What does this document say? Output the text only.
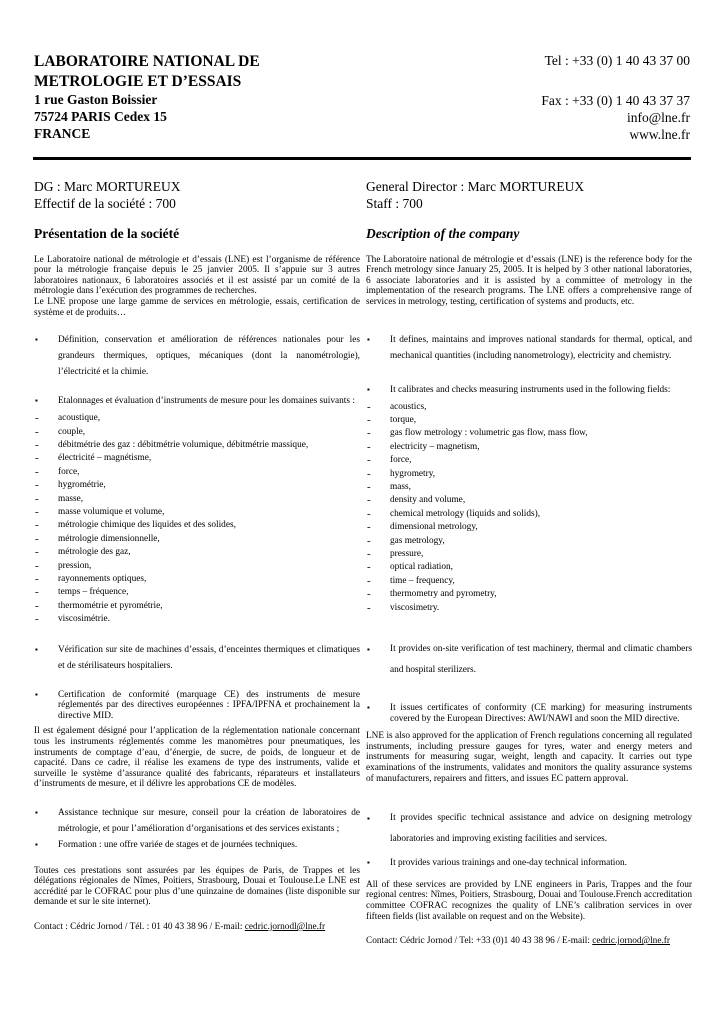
LABORATOIRE NATIONAL DE
METROLOGIE ET D’ESSAIS
1 rue Gaston Boissier
75724 PARIS Cedex 15
FRANCE
Tel : +33 (0) 1 40 43 37 00
Fax : +33 (0) 1 40 43 37 37
info@lne.fr
www.lne.fr
DG : Marc MORTUREUX
Effectif de la société : 700
Présentation de la société
Le Laboratoire national de métrologie et d’essais (LNE) est l’organisme de référence pour la métrologie française depuis le 25 janvier 2005. Il s’appuie sur 3 autres laboratoires nationaux, 6 laboratoires associés et il est assisté par un comité de la métrologie dans l’exécution des programmes de recherches.
Le LNE propose une large gamme de services en métrologie, essais, certification de système et de produits…
▪ Définition, conservation et amélioration de références nationales pour les grandeurs thermiques, optiques, mécaniques (dont la nanométrologie), l’électricité et la chimie.
▪ Etalonnages et évaluation d’instruments de mesure pour les domaines suivants :
- acoustique,
- couple,
- débitmétrie des gaz : débitmétrie volumique, débitmétrie massique,
- électricité – magnétisme,
- force,
- hygrométrie,
- masse,
- masse volumique et volume,
- métrologie chimique des liquides et des solides,
- métrologie dimensionnelle,
- métrologie des gaz,
- pression,
- rayonnements optiques,
- temps – fréquence,
- thermométrie et pyrométrie,
- viscosimétrie.
▪ Vérification sur site de machines d’essais, d’enceintes thermiques et climatiques et de stérilisateurs hospitaliers.
▪ Certification de conformité (marquage CE) des instruments de mesure réglementés par des directives européennes : IPFA/IPFNA et prochainement la directive MID.
Il est également désigné pour l’application de la réglementation nationale concernant tous les instruments réglementés comme les manomètres pour pneumatiques, les instruments de comptage d’eau, d’énergie, de sucre, de poids, de longueur et de capacité. Dans ce cadre, il réalise les examens de type des instruments, valide et surveille le système d’assurance qualité des fabricants, réparateurs et installateurs d’instruments de mesure, et il délivre les approbations CE de modèles.
▪ Assistance technique sur mesure, conseil pour la création de laboratoires de métrologie, et pour l’amélioration d’organisations et des services existants ;
▪ Formation : une offre variée de stages et de journées techniques.
Toutes ces prestations sont assurées par les équipes de Paris, de Trappes et les délégations régionales de Nîmes, Poitiers, Strasbourg, Douai et Toulouse.Le LNE est accrédité par le COFRAC pour plus d’une quinzaine de domaines (liste disponible sur demande et sur le site internet).
Contact : Cédric Jornod / Tél. : 01 40 43 38 96 / E-mail: cedric.jornodl@lne.fr
General Director : Marc MORTUREUX
Staff : 700
Description of the company
The Laboratoire national de métrologie et d’essais (LNE) is the reference body for the French metrology since January 25, 2005. It is helped by 3 other national laboratories, 6 associate laboratories and it is assisted by a committee of metrology in the implementation of the research programs. The LNE offers a comprehensive range of services in metrology, testing, certification of systems and products, etc.
▪ It defines, maintains and improves national standards for thermal, optical, and mechanical quantities (including nanometrology), electricity and chemistry.
▪ It calibrates and checks measuring instruments used in the following fields:
- acoustics,
- torque,
- gas flow metrology : volumetric gas flow, mass flow,
- electricity – magnetism,
- force,
- hygrometry,
- mass,
- density and volume,
- chemical metrology (liquids and solids),
- dimensional metrology,
- gas metrology,
- pressure,
- optical radiation,
- time – frequency,
- thermometry and pyrometry,
- viscosimetry.
▪ It provides on-site verification of test machinery, thermal and climatic chambers and hospital sterilizers.
▪ It issues certificates of conformity (CE marking) for measuring instruments covered by the European Directives: AWI/NAWI and soon the MID directive.
LNE is also approved for the application of French regulations concerning all regulated instruments, including pressure gauges for tyres, water and energy meters and instruments for measuring sugar, weight, length and capacity. It carries out type examinations of the instruments, validates and monitors the quality assurance systems of manufacturers, repairers and fitters, and issues EC pattern approval.
▪ It provides specific technical assistance and advice on designing metrology laboratories and improving existing facilities and services.
▪ It provides various trainings and one-day technical information.
All of these services are provided by LNE engineers in Paris, Trappes and the four regional centres: Nîmes, Poitiers, Strasbourg, Douai and Toulouse.French accreditation committee COFRAC recognizes the quality of LNE’s calibration services in over fifteen fields (list available on request and on the Website).
Contact: Cédric Jornod / Tel: +33 (0)1 40 43 38 96 / E-mail: cedric.jornod@lne.fr
